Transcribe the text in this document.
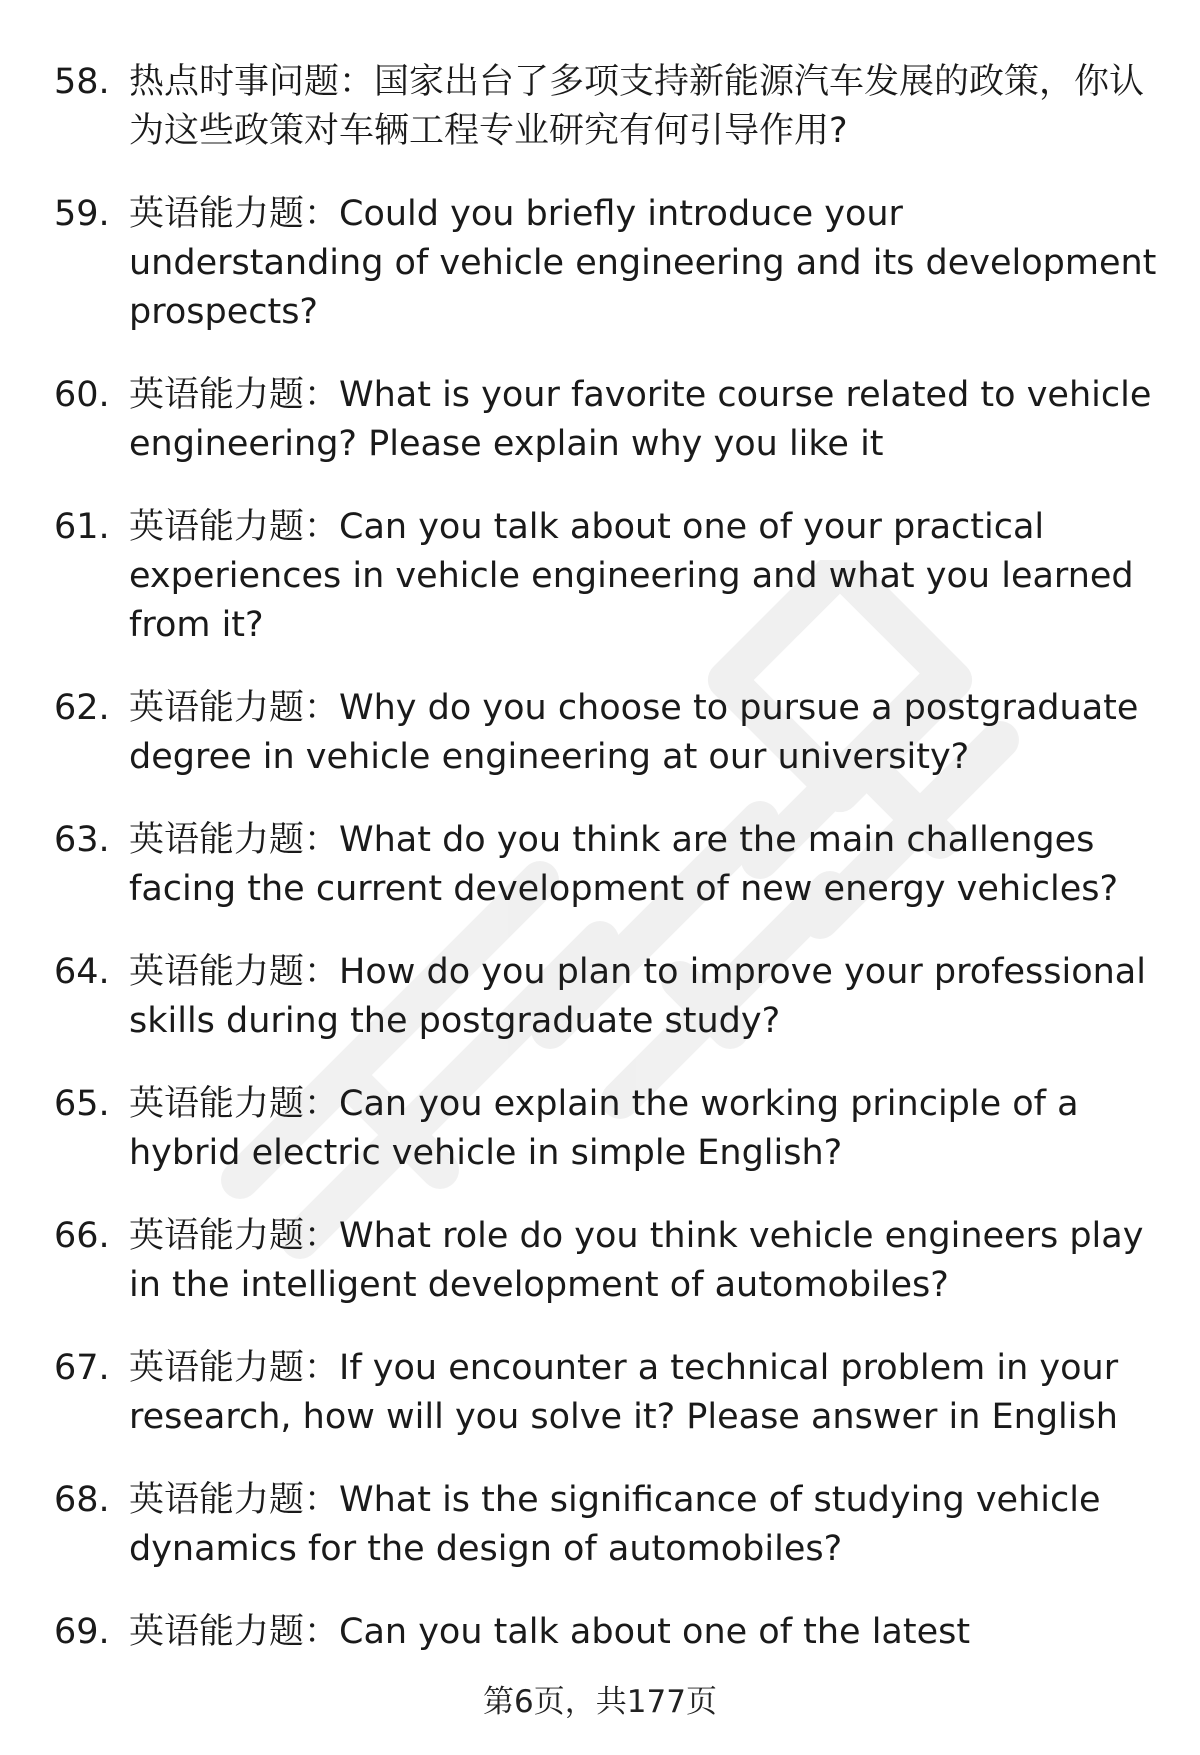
58. 热点时事问题：国家出台了多项支持新能源汽车发展的政策，你认为这些政策对车辆工程专业研究有何引导作用?
59. 英语能力题：Could you briefly introduce your understanding of vehicle engineering and its development prospects?
60. 英语能力题：What is your favorite course related to vehicle engineering? Please explain why you like it
61. 英语能力题：Can you talk about one of your practical experiences in vehicle engineering and what you learned from it?
62. 英语能力题：Why do you choose to pursue a postgraduate degree in vehicle engineering at our university?
63. 英语能力题：What do you think are the main challenges facing the current development of new energy vehicles?
64. 英语能力题：How do you plan to improve your professional skills during the postgraduate study?
65. 英语能力题：Can you explain the working principle of a hybrid electric vehicle in simple English?
66. 英语能力题：What role do you think vehicle engineers play in the intelligent development of automobiles?
67. 英语能力题：If you encounter a technical problem in your research, how will you solve it? Please answer in English
68. 英语能力题：What is the significance of studying vehicle dynamics for the design of automobiles?
69. 英语能力题：Can you talk about one of the latest
第6页，共177页
